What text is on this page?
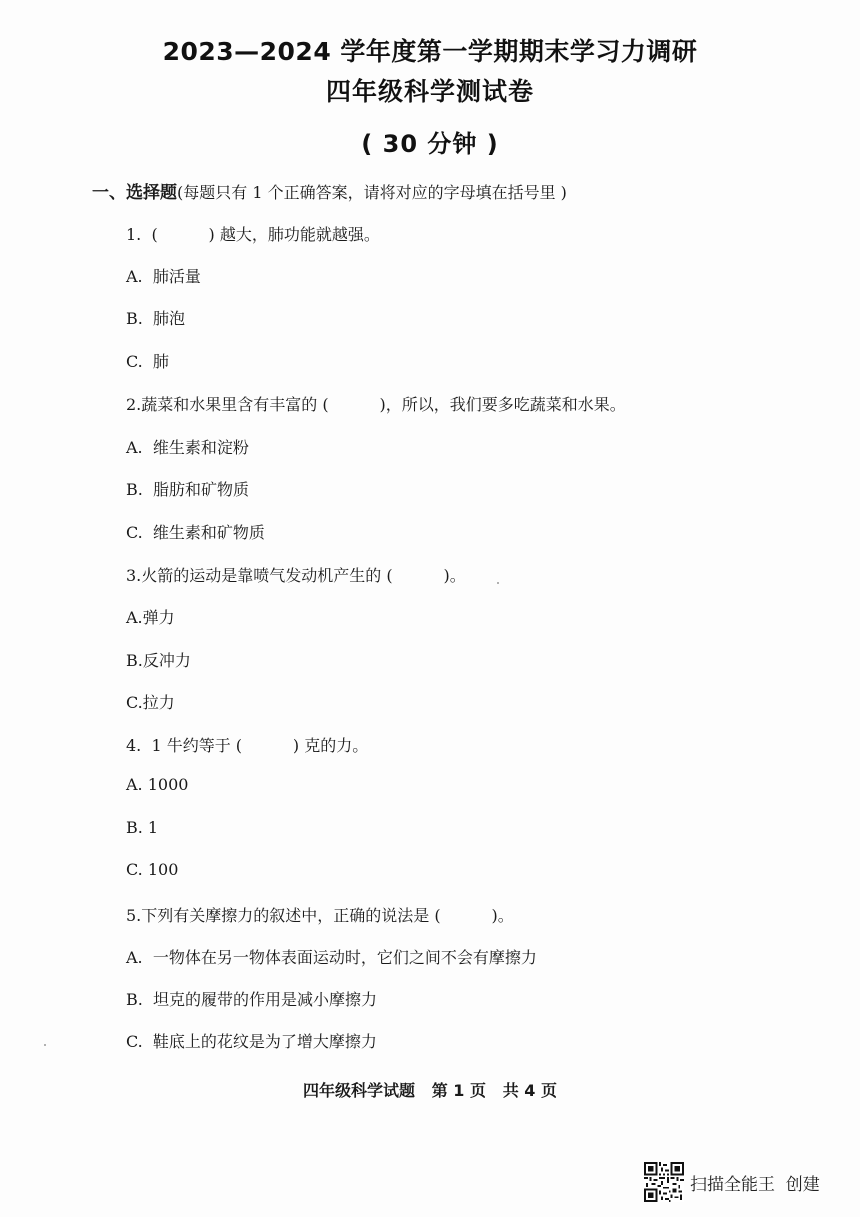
2023—2024 学年度第一学期期末学习力调研
四年级科学测试卷
( 30 分钟 )
一、选择题(每题只有 1 个正确答案，请将对应的字母填在括号里 )
1.  (          ) 越大，肺功能就越强。
A.  肺活量
B.  肺泡
C.  肺
2.蔬菜和水果里含有丰富的 (          )，所以，我们要多吃蔬菜和水果。
A.  维生素和淀粉
B.  脂肪和矿物质
C.  维生素和矿物质
3.火箭的运动是靠喷气发动机产生的 (          )。
A.弹力
B.反冲力
C.拉力
4.  1 牛约等于 (          ) 克的力。
A. 1000
B. 1
C. 100
5.下列有关摩擦力的叙述中，正确的说法是 (          )。
A.  一物体在另一物体表面运动时，它们之间不会有摩擦力
B.  坦克的履带的作用是减小摩擦力
C.  鞋底上的花纹是为了增大摩擦力
四年级科学试题   第 1 页   共 4 页
扫描全能王  创建
